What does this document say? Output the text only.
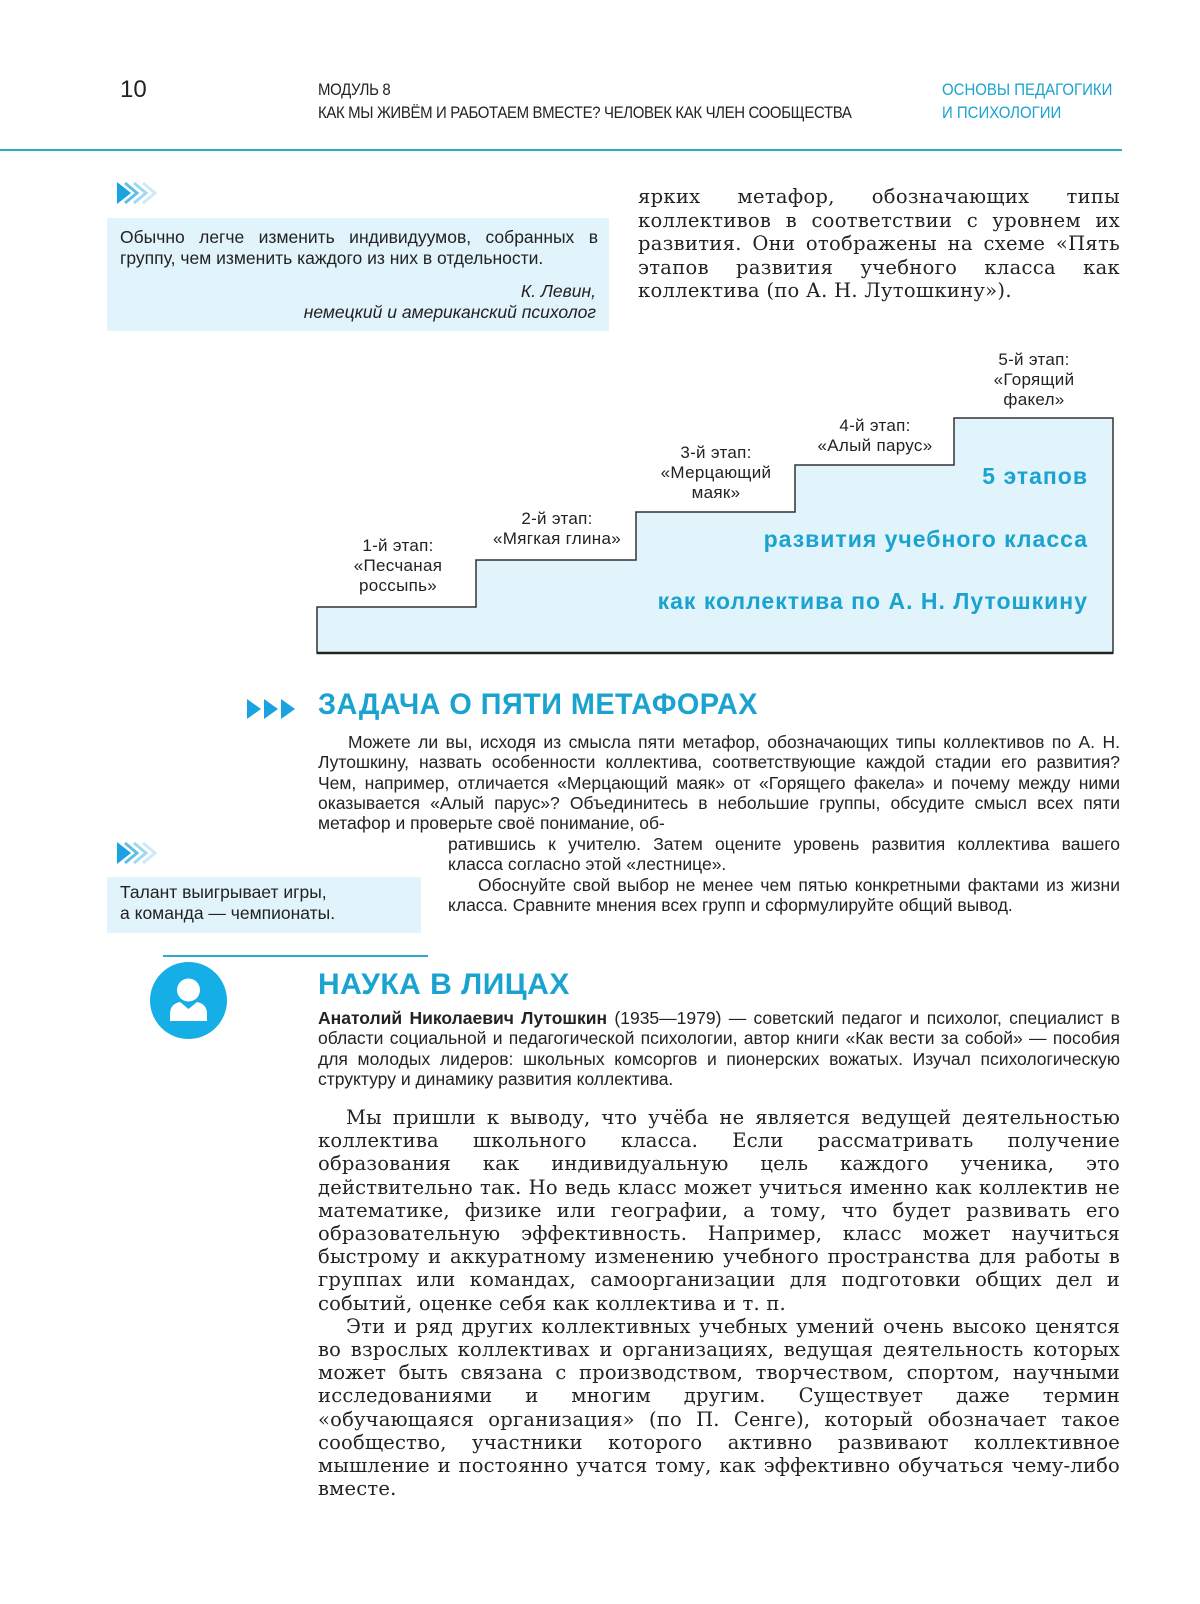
10	МОДУЛЬ 8
КАК МЫ ЖИВЁМ И РАБОТАЕМ ВМЕСТЕ? ЧЕЛОВЕК КАК ЧЛЕН СООБЩЕСТВА
ОСНОВЫ ПЕДАГОГИКИ
И ПСИХОЛОГИИ
Обычно легче изменить индивидуумов, собранных в группу, чем изменить каждого из них в отдельности.
К. Левин,
немецкий и американский психолог
ярких метафор, обозначающих типы коллективов в соответствии с уровнем их развития. Они отображены на схеме «Пять этапов развития учебного класса как коллектива (по А. Н. Лутошкину»).
1-й этап:
«Песчаная
россыпь»
2-й этап:
«Мягкая глина»
3-й этап:
«Мерцающий
маяк»
4-й этап:
«Алый парус»
5-й этап:
«Горящий
факел»
5 этапов
развития учебного класса
как коллектива по А. Н. Лутошкину
ЗАДАЧА О ПЯТИ МЕТАФОРАХ
Можете ли вы, исходя из смысла пяти метафор, обозначающих типы коллективов по А. Н. Лутошкину, назвать особенности коллектива, соответствующие каждой стадии его развития? Чем, например, отличается «Мерцающий маяк» от «Горящего факела» и почему между ними оказывается «Алый парус»? Объединитесь в небольшие группы, обсудите смысл всех пяти метафор и проверьте своё понимание, об-
ратившись к учителю. Затем оцените уровень развития коллектива вашего класса согласно этой «лестнице».
Обоснуйте свой выбор не менее чем пятью конкретными фактами из жизни класса. Сравните мнения всех групп и сформулируйте общий вывод.
Талант выигрывает игры,
а команда — чемпионаты.
НАУКА В ЛИЦАХ
Анатолий Николаевич Лутошкин (1935—1979) — советский педагог и психолог, специалист в области социальной и педагогической психологии, автор книги «Как вести за собой» — пособия для молодых лидеров: школьных комсоргов и пионерских вожатых. Изучал психологическую структуру и динамику развития коллектива.

Мы пришли к выводу, что учёба не является ведущей деятельностью коллектива школьного класса. Если рассматривать получение образования как индивидуальную цель каждого ученика, это действительно так. Но ведь класс может учиться именно как коллектив не математике, физике или географии, а тому, что будет развивать его образовательную эффективность. Например, класс может научиться быстрому и аккуратному изменению учебного пространства для работы в группах или командах, самоорганизации для подготовки общих дел и событий, оценке себя как коллектива и т. п.

Эти и ряд других коллективных учебных умений очень высоко ценятся во взрослых коллективах и организациях, ведущая деятельность которых может быть связана с производством, творчеством, спортом, научными исследованиями и многим другим. Существует даже термин «обучающаяся организация» (по П. Сенге), который обозначает такое сообщество, участники которого активно развивают коллективное мышление и постоянно учатся тому, как эффективно обучаться чему-либо вместе.
